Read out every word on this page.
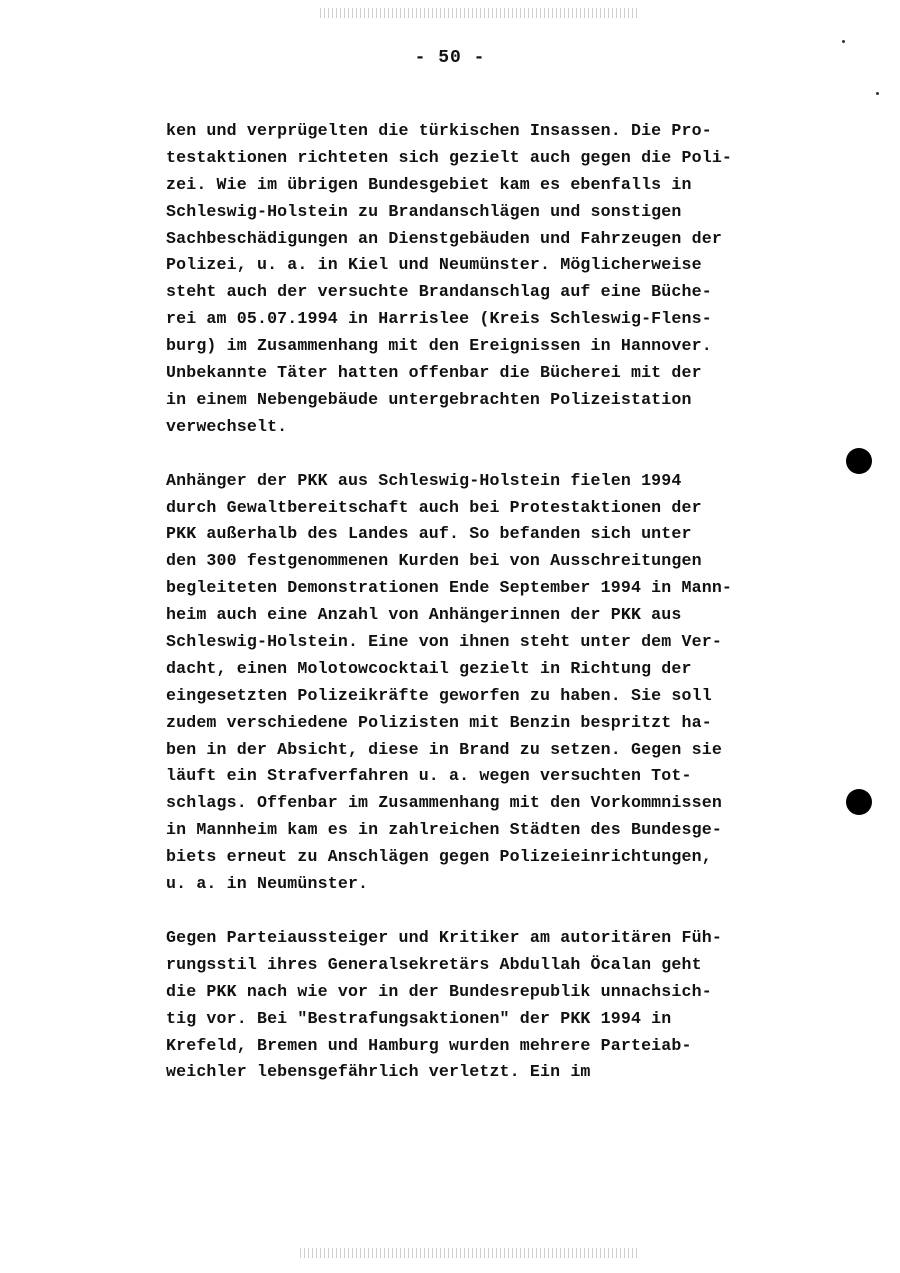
- 50 -
ken und verprügelten die türkischen Insassen. Die Pro-
testaktionen richteten sich gezielt auch gegen die Poli-
zei. Wie im übrigen Bundesgebiet kam es ebenfalls in
Schleswig-Holstein zu Brandanschlägen und sonstigen
Sachbeschädigungen an Dienstgebäuden und Fahrzeugen der
Polizei, u. a. in Kiel und Neumünster. Möglicherweise
steht auch der versuchte Brandanschlag auf eine Büche-
rei am 05.07.1994 in Harrislee (Kreis Schleswig-Flens-
burg) im Zusammenhang mit den Ereignissen in Hannover.
Unbekannte Täter hatten offenbar die Bücherei mit der
in einem Nebengebäude untergebrachten Polizeistation
verwechselt.
Anhänger der PKK aus Schleswig-Holstein fielen 1994
durch Gewaltbereitschaft auch bei Protestaktionen der
PKK außerhalb des Landes auf. So befanden sich unter
den 300 festgenommenen Kurden bei von Ausschreitungen
begleiteten Demonstrationen Ende September 1994 in Mann-
heim auch eine Anzahl von Anhängerinnen der PKK aus
Schleswig-Holstein. Eine von ihnen steht unter dem Ver-
dacht, einen Molotowcocktail gezielt in Richtung der
eingesetzten Polizeikräfte geworfen zu haben. Sie soll
zudem verschiedene Polizisten mit Benzin bespritzt ha-
ben in der Absicht, diese in Brand zu setzen. Gegen sie
läuft ein Strafverfahren u. a. wegen versuchten Tot-
schlags. Offenbar im Zusammenhang mit den Vorkommnissen
in Mannheim kam es in zahlreichen Städten des Bundesge-
biets erneut zu Anschlägen gegen Polizeieinrichtungen,
u. a. in Neumünster.
Gegen Parteiaussteiger und Kritiker am autoritären Füh-
rungsstil ihres Generalsekretärs Abdullah Öcalan geht
die PKK nach wie vor in der Bundesrepublik unnachsich-
tig vor. Bei "Bestrafungsaktionen" der PKK 1994 in
Krefeld, Bremen und Hamburg wurden mehrere Parteiab-
weichler lebensgefährlich verletzt. Ein im
